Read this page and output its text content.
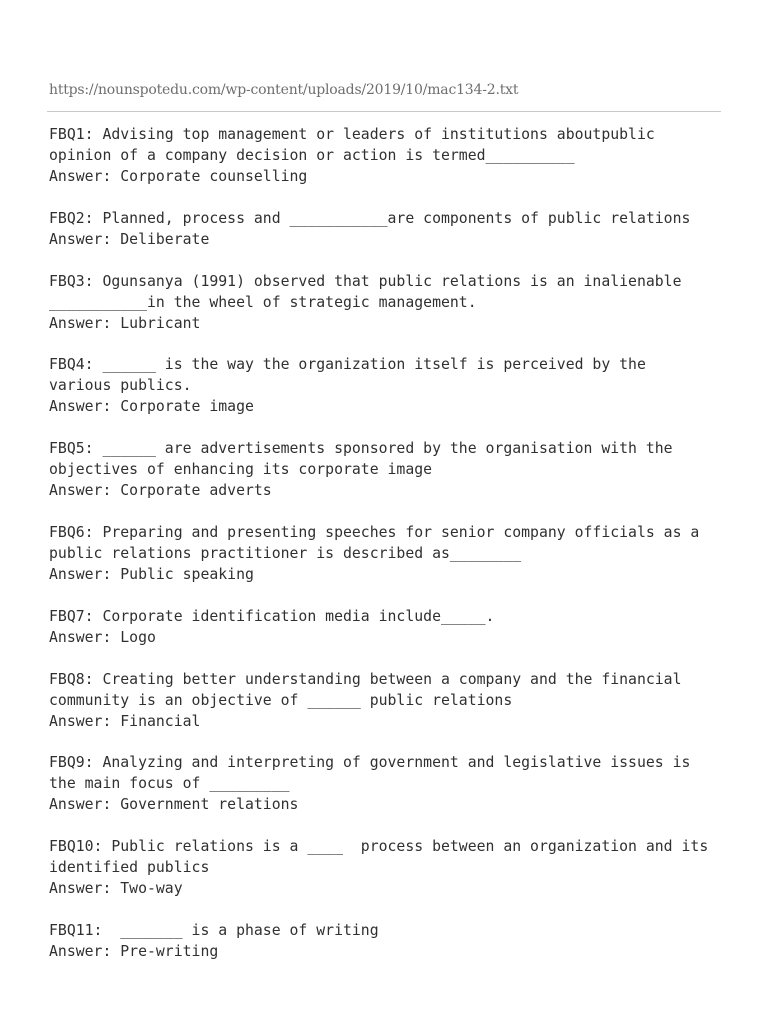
https://nounspotedu.com/wp-content/uploads/2019/10/mac134-2.txt
FBQ1: Advising top management or leaders of institutions aboutpublic
opinion of a company decision or action is termed__________
Answer: Corporate counselling
FBQ2: Planned, process and ___________are components of public relations
Answer: Deliberate
FBQ3: Ogunsanya (1991) observed that public relations is an inalienable
___________in the wheel of strategic management.
Answer: Lubricant
FBQ4: ______ is the way the organization itself is perceived by the
various publics.
Answer: Corporate image
FBQ5: ______ are advertisements sponsored by the organisation with the
objectives of enhancing its corporate image
Answer: Corporate adverts
FBQ6: Preparing and presenting speeches for senior company officials as a
public relations practitioner is described as________
Answer: Public speaking
FBQ7: Corporate identification media include_____.
Answer: Logo
FBQ8: Creating better understanding between a company and the financial
community is an objective of ______ public relations
Answer: Financial
FBQ9: Analyzing and interpreting of government and legislative issues is
the main focus of _________
Answer: Government relations
FBQ10: Public relations is a ____  process between an organization and its
identified publics
Answer: Two-way
FBQ11:  _______ is a phase of writing
Answer: Pre-writing
